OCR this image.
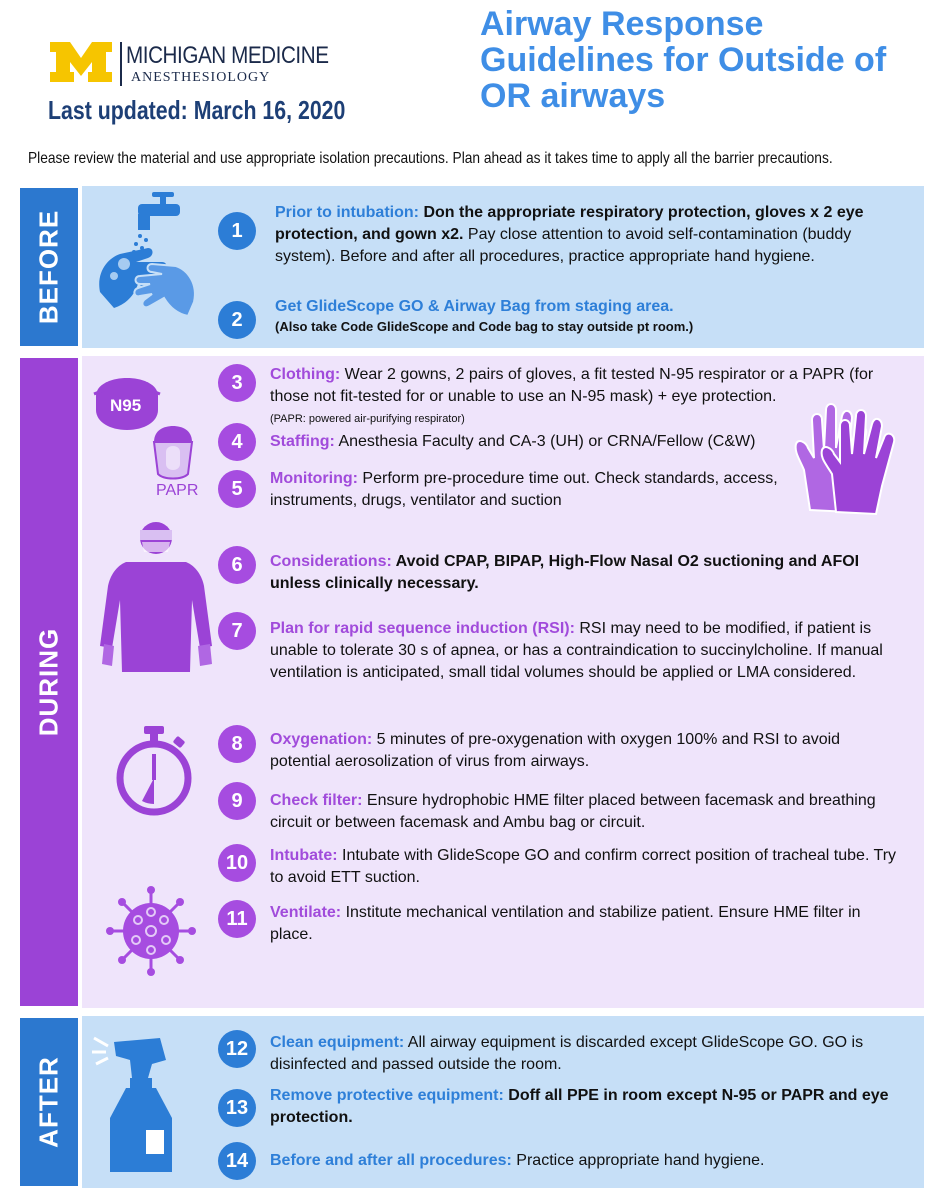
MICHIGAN MEDICINE
ANESTHESIOLOGY
Last updated: March 16, 2020
Airway Response Guidelines for Outside of OR airways
Please review the material and use appropriate isolation precautions. Plan ahead as it takes time to apply all the barrier precautions.
BEFORE	1
Prior to intubation: Don the appropriate respiratory protection, gloves x 2 eye protection, and gown x2. Pay close attention to avoid self-contamination (buddy system). Before and after all procedures, practice appropriate hand hygiene.
2
Get GlideScope GO & Airway Bag from staging area.
(Also take Code GlideScope and Code bag to stay outside pt room.)
DURING
N95
PAPR
3	Clothing: Wear 2 gowns, 2 pairs of gloves, a fit tested N-95 respirator or a PAPR (for those not fit-tested for or unable to use an N-95 mask) + eye protection.
(PAPR: powered air-purifying respirator)
4	Staffing: Anesthesia Faculty and CA-3 (UH) or CRNA/Fellow (C&W)
5	Monitoring: Perform pre-procedure time out. Check standards, access, instruments, drugs, ventilator and suction
6	Considerations: Avoid CPAP, BIPAP, High-Flow Nasal O2 suctioning and AFOI unless clinically necessary.
7	Plan for rapid sequence induction (RSI): RSI may need to be modified, if patient is unable to tolerate 30 s of apnea, or has a contraindication to succinylcholine. If manual ventilation is anticipated, small tidal volumes should be applied or LMA considered.
8	Oxygenation: 5 minutes of pre-oxygenation with oxygen 100% and RSI to avoid potential aerosolization of virus from airways.
9	Check filter: Ensure hydrophobic HME filter placed between facemask and breathing circuit or between facemask and Ambu bag or circuit.
10	Intubate: Intubate with GlideScope GO and confirm correct position of tracheal tube. Try to avoid ETT suction.
11	Ventilate: Institute mechanical ventilation and stabilize patient. Ensure HME filter in place.
AFTER
12	Clean equipment: All airway equipment is discarded except GlideScope GO. GO is disinfected and passed outside the room.
13
Remove protective equipment: Doff all PPE in room except N-95 or PAPR and eye protection.
14	Before and after all procedures: Practice appropriate hand hygiene.
